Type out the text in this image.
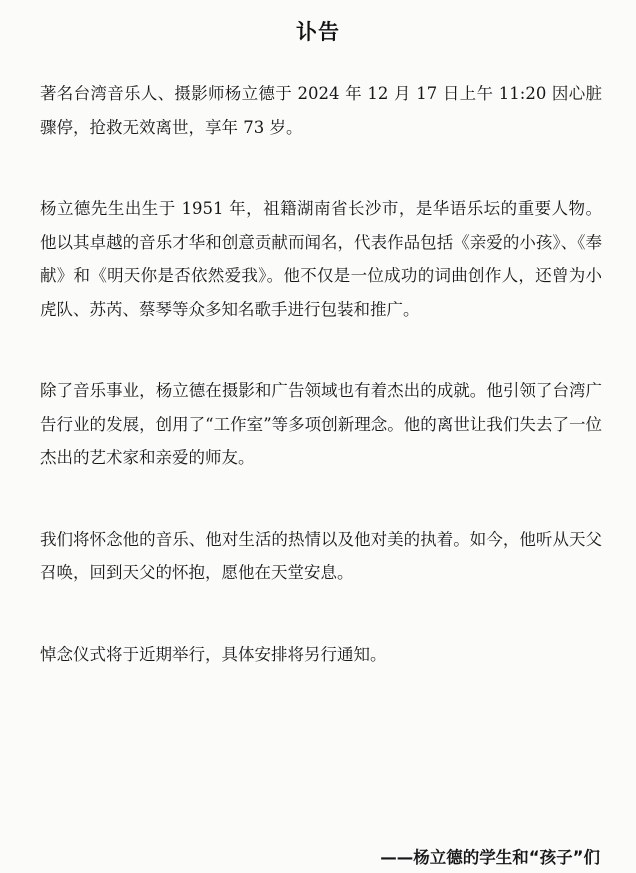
讣告

著名台湾音乐人、摄影师杨立德于 2024 年 12 月 17 日上午 11:20 因心脏骤停，抢救无效离世，享年 73 岁。

杨立德先生出生于 1951 年，祖籍湖南省长沙市，是华语乐坛的重要人物。他以其卓越的音乐才华和创意贡献而闻名，代表作品包括《亲爱的小孩》、《奉献》和《明天你是否依然爱我》。他不仅是一位成功的词曲创作人，还曾为小虎队、苏芮、蔡琴等众多知名歌手进行包装和推广。

除了音乐事业，杨立德在摄影和广告领域也有着杰出的成就。他引领了台湾广告行业的发展，创用了“工作室”等多项创新理念。他的离世让我们失去了一位杰出的艺术家和亲爱的师友。

我们将怀念他的音乐、他对生活的热情以及他对美的执着。如今，他听从天父召唤，回到天父的怀抱，愿他在天堂安息。

悼念仪式将于近期举行，具体安排将另行通知。

——杨立德的学生和“孩子”们
